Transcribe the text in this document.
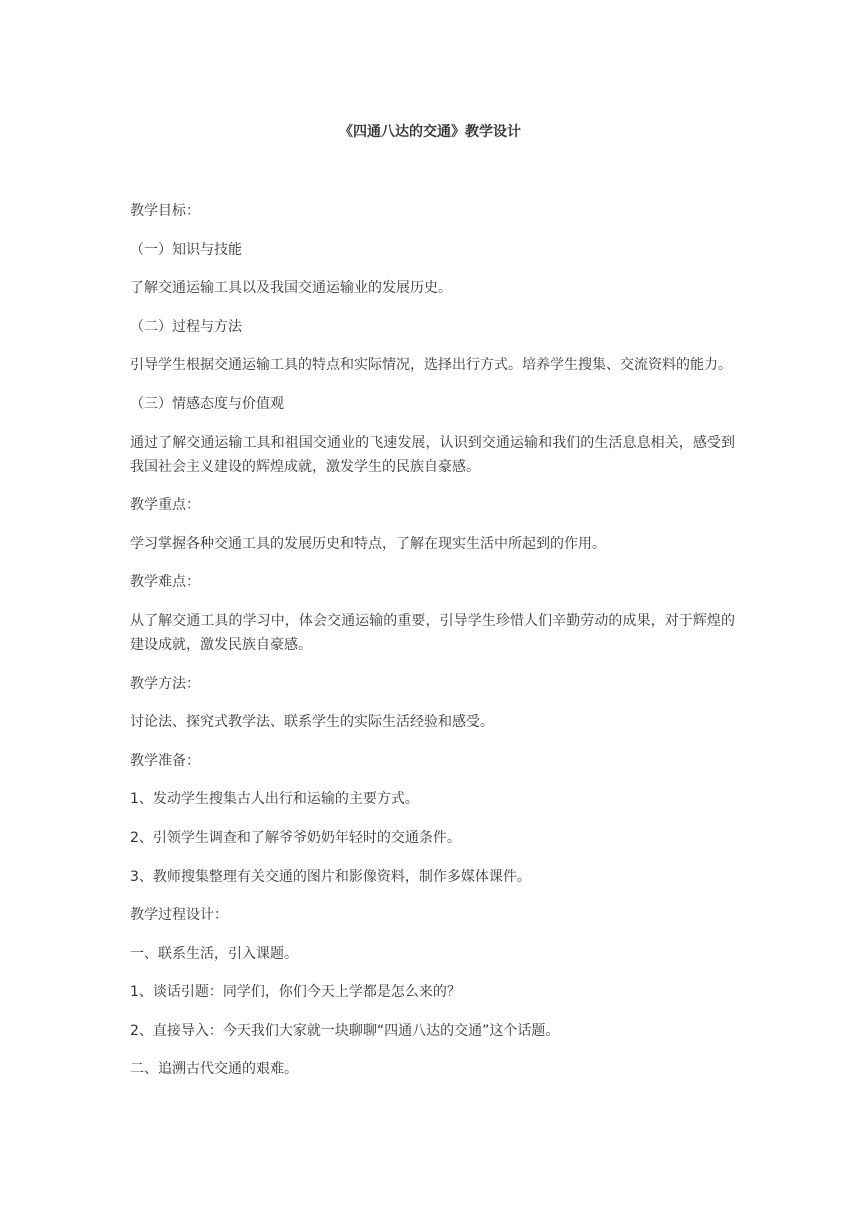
《四通八达的交通》教学设计

教学目标：

（一）知识与技能

了解交通运输工具以及我国交通运输业的发展历史。

（二）过程与方法

引导学生根据交通运输工具的特点和实际情况，选择出行方式。培养学生搜集、交流资料的能力。

（三）情感态度与价值观

通过了解交通运输工具和祖国交通业的飞速发展，认识到交通运输和我们的生活息息相关，感受到我国社会主义建设的辉煌成就，激发学生的民族自豪感。

教学重点：

学习掌握各种交通工具的发展历史和特点，了解在现实生活中所起到的作用。

教学难点：

从了解交通工具的学习中，体会交通运输的重要，引导学生珍惜人们辛勤劳动的成果，对于辉煌的建设成就，激发民族自豪感。

教学方法：

讨论法、探究式教学法、联系学生的实际生活经验和感受。

教学准备：

1、发动学生搜集古人出行和运输的主要方式。

2、引领学生调查和了解爷爷奶奶年轻时的交通条件。

3、教师搜集整理有关交通的图片和影像资料，制作多媒体课件。

教学过程设计：

一、联系生活，引入课题。

1、谈话引题：同学们，你们今天上学都是怎么来的？

2、直接导入：今天我们大家就一块聊聊“四通八达的交通”这个话题。

二、追溯古代交通的艰难。
